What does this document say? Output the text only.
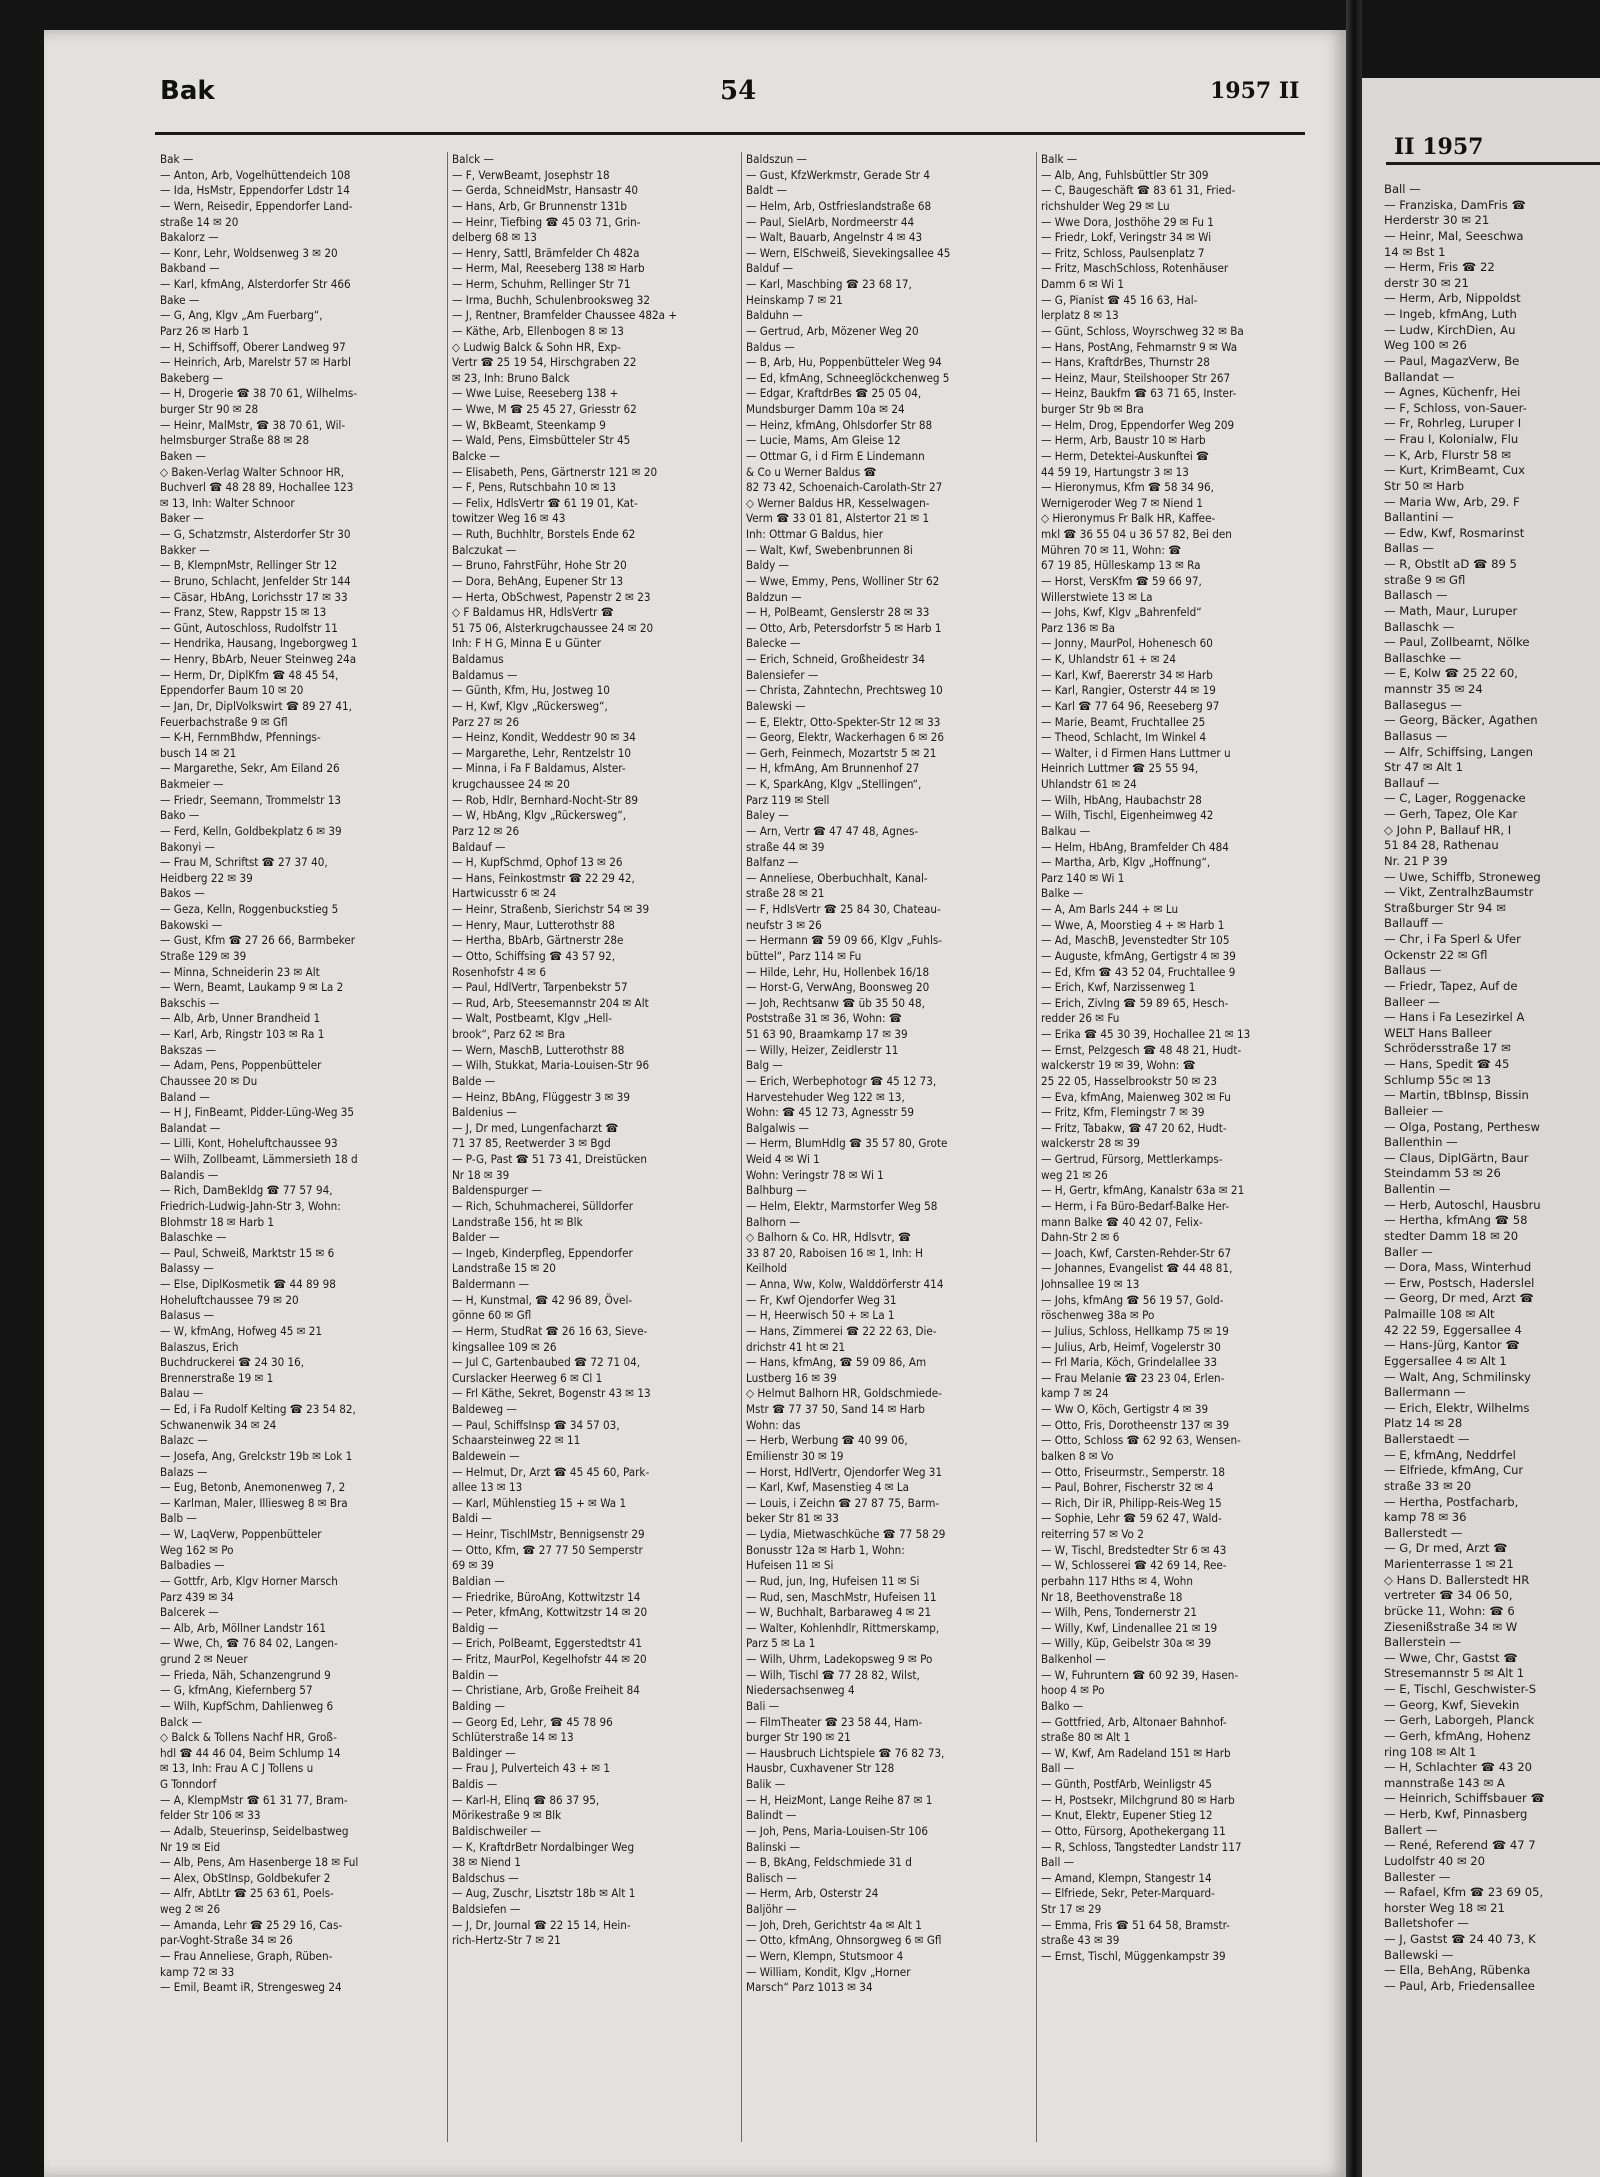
Bak	54	1957 II
Bak —
— Anton, Arb, Vogelhüttendeich 108
— Ida, HsMstr, Eppendorfer Ldstr 14
— Wern, Reisedir, Eppendorfer Land-
straße 14 ✉ 20
Bakalorz —
— Konr, Lehr, Woldsenweg 3 ✉ 20
Bakband —
— Karl, kfmAng, Alsterdorfer Str 466
Bake —
— G, Ang, Klgv „Am Fuerbarg“,
Parz 26 ✉ Harb 1
— H, Schiffsoff, Oberer Landweg 97
— Heinrich, Arb, Marelstr 57 ✉ Harbl
Bakeberg —
— H, Drogerie ☎ 38 70 61, Wilhelms-
burger Str 90 ✉ 28
— Heinr, MalMstr, ☎ 38 70 61, Wil-
helmsburger Straße 88 ✉ 28
Baken —
◇ Baken-Verlag Walter Schnoor HR,
Buchverl ☎ 48 28 89, Hochallee 123
✉ 13, Inh: Walter Schnoor
Baker —
— G, Schatzmstr, Alsterdorfer Str 30
Bakker —
— B, KlempnMstr, Rellinger Str 12
— Bruno, Schlacht, Jenfelder Str 144
— Cäsar, HbAng, Lorichsstr 17 ✉ 33
— Franz, Stew, Rappstr 15 ✉ 13
— Günt, Autoschloss, Rudolfstr 11
— Hendrika, Hausang, Ingeborgweg 1
— Henry, BbArb, Neuer Steinweg 24a
— Herm, Dr, DiplKfm ☎ 48 45 54,
Eppendorfer Baum 10 ✉ 20
— Jan, Dr, DiplVolkswirt ☎ 89 27 41,
Feuerbachstraße 9 ✉ Gfl
— K-H, FernmBhdw, Pfennings-
busch 14 ✉ 21
— Margarethe, Sekr, Am Eiland 26
Bakmeier —
— Friedr, Seemann, Trommelstr 13
Bako —
— Ferd, Kelln, Goldbekplatz 6 ✉ 39
Bakonyi —
— Frau M, Schriftst ☎ 27 37 40,
Heidberg 22 ✉ 39
Bakos —
— Geza, Kelln, Roggenbuckstieg 5
Bakowski —
— Gust, Kfm ☎ 27 26 66, Barmbeker
Straße 129 ✉ 39
— Minna, Schneiderin 23 ✉ Alt
— Wern, Beamt, Laukamp 9 ✉ La 2
Bakschis —
— Alb, Arb, Unner Brandheid 1
— Karl, Arb, Ringstr 103 ✉ Ra 1
Bakszas —
— Adam, Pens, Poppenbütteler
Chaussee 20 ✉ Du
Baland —
— H J, FinBeamt, Pidder-Lüng-Weg 35
Balandat —
— Lilli, Kont, Hoheluftchaussee 93
— Wilh, Zollbeamt, Lämmersieth 18 d
Balandis —
— Rich, DamBekldg ☎ 77 57 94,
Friedrich-Ludwig-Jahn-Str 3, Wohn:
Blohmstr 18 ✉ Harb 1
Balaschke —
— Paul, Schweiß, Marktstr 15 ✉ 6
Balassy —
— Else, DiplKosmetik ☎ 44 89 98
Hoheluftchaussee 79 ✉ 20
Balasus —
— W, kfmAng, Hofweg 45 ✉ 21
Balaszus, Erich
Buchdruckerei ☎ 24 30 16,
Brennerstraße 19 ✉ 1
Balau —
— Ed, i Fa Rudolf Kelting ☎ 23 54 82,
Schwanenwik 34 ✉ 24
Balazc —
— Josefa, Ang, Grelckstr 19b ✉ Lok 1
Balazs —
— Eug, Betonb, Anemonenweg 7, 2
— Karlman, Maler, Illiesweg 8 ✉ Bra
Balb —
— W, LaqVerw, Poppenbütteler
Weg 162 ✉ Po
Balbadies —
— Gottfr, Arb, Klgv Horner Marsch
Parz 439 ✉ 34
Balcerek —
— Alb, Arb, Möllner Landstr 161
— Wwe, Ch, ☎ 76 84 02, Langen-
grund 2 ✉ Neuer
— Frieda, Näh, Schanzengrund 9
— G, kfmAng, Kiefernberg 57
— Wilh, KupfSchm, Dahlienweg 6
Balck —
◇ Balck & Tollens Nachf HR, Groß-
hdl ☎ 44 46 04, Beim Schlump 14
✉ 13, Inh: Frau A C J Tollens u
G Tonndorf
— A, KlempMstr ☎ 61 31 77, Bram-
felder Str 106 ✉ 33
— Adalb, Steuerinsp, Seidelbastweg
Nr 19 ✉ Eid
— Alb, Pens, Am Hasenberge 18 ✉ Ful
— Alex, ObStInsp, Goldbekufer 2
— Alfr, AbtLtr ☎ 25 63 61, Poels-
weg 2 ✉ 26
— Amanda, Lehr ☎ 25 29 16, Cas-
par-Voght-Straße 34 ✉ 26
— Frau Anneliese, Graph, Rüben-
kamp 72 ✉ 33
— Emil, Beamt iR, Strengesweg 24
Balck —
— F, VerwBeamt, Josephstr 18
— Gerda, SchneidMstr, Hansastr 40
— Hans, Arb, Gr Brunnenstr 131b
— Heinr, Tiefbing ☎ 45 03 71, Grin-
delberg 68 ✉ 13
— Henry, Sattl, Brämfelder Ch 482a
— Herm, Mal, Reeseberg 138 ✉ Harb
— Herm, Schuhm, Rellinger Str 71
— Irma, Buchh, Schulenbrooksweg 32
— J, Rentner, Bramfelder Chaussee 482a +
— Käthe, Arb, Ellenbogen 8 ✉ 13
◇ Ludwig Balck & Sohn HR, Exp-
Vertr ☎ 25 19 54, Hirschgraben 22
✉ 23, Inh: Bruno Balck
— Wwe Luise, Reeseberg 138 +
— Wwe, M ☎ 25 45 27, Griesstr 62
— W, BkBeamt, Steenkamp 9
— Wald, Pens, Eimsbütteler Str 45
Balcke —
— Elisabeth, Pens, Gärtnerstr 121 ✉ 20
— F, Pens, Rutschbahn 10 ✉ 13
— Felix, HdlsVertr ☎ 61 19 01, Kat-
towitzer Weg 16 ✉ 43
— Ruth, Buchhltr, Borstels Ende 62
Balczukat —
— Bruno, FahrstFühr, Hohe Str 20
— Dora, BehAng, Eupener Str 13
— Herta, ObSchwest, Papenstr 2 ✉ 23
◇ F Baldamus HR, HdlsVertr ☎
51 75 06, Alsterkrugchaussee 24 ✉ 20
Inh: F H G, Minna E u Günter
Baldamus
Baldamus —
— Günth, Kfm, Hu, Jostweg 10
— H, Kwf, Klgv „Rückersweg“,
Parz 27 ✉ 26
— Heinz, Kondit, Weddestr 90 ✉ 34
— Margarethe, Lehr, Rentzelstr 10
— Minna, i Fa F Baldamus, Alster-
krugchaussee 24 ✉ 20
— Rob, Hdlr, Bernhard-Nocht-Str 89
— W, HbAng, Klgv „Rückersweg“,
Parz 12 ✉ 26
Baldauf —
— H, KupfSchmd, Ophof 13 ✉ 26
— Hans, Feinkostmstr ☎ 22 29 42,
Hartwicusstr 6 ✉ 24
— Heinr, Straßenb, Sierichstr 54 ✉ 39
— Henry, Maur, Lutterothstr 88
— Hertha, BbArb, Gärtnerstr 28e
— Otto, Schiffsing ☎ 43 57 92,
Rosenhofstr 4 ✉ 6
— Paul, HdlVertr, Tarpenbekstr 57
— Rud, Arb, Steesemannstr 204 ✉ Alt
— Walt, Postbeamt, Klgv „Hell-
brook“, Parz 62 ✉ Bra
— Wern, MaschB, Lutterothstr 88
— Wilh, Stukkat, Maria-Louisen-Str 96
Balde —
— Heinz, BbAng, Flüggestr 3 ✉ 39
Baldenius —
— J, Dr med, Lungenfacharzt ☎
71 37 85, Reetwerder 3 ✉ Bgd
— P-G, Past ☎ 51 73 41, Dreistücken
Nr 18 ✉ 39
Baldenspurger —
— Rich, Schuhmacherei, Sülldorfer
Landstraße 156, ht ✉ Blk
Balder —
— Ingeb, Kinderpfleg, Eppendorfer
Landstraße 15 ✉ 20
Baldermann —
— H, Kunstmal, ☎ 42 96 89, Övel-
gönne 60 ✉ Gfl
— Herm, StudRat ☎ 26 16 63, Sieve-
kingsallee 109 ✉ 26
— Jul C, Gartenbaubed ☎ 72 71 04,
Curslacker Heerweg 6 ✉ Cl 1
— Frl Käthe, Sekret, Bogenstr 43 ✉ 13
Baldeweg —
— Paul, SchiffsInsp ☎ 34 57 03,
Schaarsteinweg 22 ✉ 11
Baldewein —
— Helmut, Dr, Arzt ☎ 45 45 60, Park-
allee 13 ✉ 13
— Karl, Mühlenstieg 15 + ✉ Wa 1
Baldi —
— Heinr, TischlMstr, Bennigsenstr 29
— Otto, Kfm, ☎ 27 77 50 Semperstr
69 ✉ 39
Baldian —
— Friedrike, BüroAng, Kottwitzstr 14
— Peter, kfmAng, Kottwitzstr 14 ✉ 20
Baldig —
— Erich, PolBeamt, Eggerstedtstr 41
— Fritz, MaurPol, Kegelhofstr 44 ✉ 20
Baldin —
— Christiane, Arb, Große Freiheit 84
Balding —
— Georg Ed, Lehr, ☎ 45 78 96
Schlüterstraße 14 ✉ 13
Baldinger —
— Frau J, Pulverteich 43 + ✉ 1
Baldis —
— Karl-H, Elinq ☎ 86 37 95,
Mörikestraße 9 ✉ Blk
Baldischweiler —
— K, KraftdrBetr Nordalbinger Weg
38 ✉ Niend 1
Baldschus —
— Aug, Zuschr, Lisztstr 18b ✉ Alt 1
Baldsiefen —
— J, Dr, Journal ☎ 22 15 14, Hein-
rich-Hertz-Str 7 ✉ 21
Baldszun —
— Gust, KfzWerkmstr, Gerade Str 4
Baldt —
— Helm, Arb, Ostfrieslandstraße 68
— Paul, SielArb, Nordmeerstr 44
— Walt, Bauarb, Angelnstr 4 ✉ 43
— Wern, ElSchweiß, Sievekingsallee 45
Balduf —
— Karl, Maschbing ☎ 23 68 17,
Heinskamp 7 ✉ 21
Balduhn —
— Gertrud, Arb, Mözener Weg 20
Baldus —
— B, Arb, Hu, Poppenbütteler Weg 94
— Ed, kfmAng, Schneeglöckchenweg 5
— Edgar, KraftdrBes ☎ 25 05 04,
Mundsburger Damm 10a ✉ 24
— Heinz, kfmAng, Ohlsdorfer Str 88
— Lucie, Mams, Am Gleise 12
— Ottmar G, i d Firm E Lindemann
& Co u Werner Baldus ☎
82 73 42, Schoenaich-Carolath-Str 27
◇ Werner Baldus HR, Kesselwagen-
Verm ☎ 33 01 81, Alstertor 21 ✉ 1
Inh: Ottmar G Baldus, hier
— Walt, Kwf, Swebenbrunnen 8i
Baldy —
— Wwe, Emmy, Pens, Wolliner Str 62
Baldzun —
— H, PolBeamt, Genslerstr 28 ✉ 33
— Otto, Arb, Petersdorfstr 5 ✉ Harb 1
Balecke —
— Erich, Schneid, Großheidestr 34
Balensiefer —
— Christa, Zahntechn, Prechtsweg 10
Balewski —
— E, Elektr, Otto-Spekter-Str 12 ✉ 33
— Georg, Elektr, Wackerhagen 6 ✉ 26
— Gerh, Feinmech, Mozartstr 5 ✉ 21
— H, kfmAng, Am Brunnenhof 27
— K, SparkAng, Klgv „Stellingen“,
Parz 119 ✉ Stell
Baley —
— Arn, Vertr ☎ 47 47 48, Agnes-
straße 44 ✉ 39
Balfanz —
— Anneliese, Oberbuchhalt, Kanal-
straße 28 ✉ 21
— F, HdlsVertr ☎ 25 84 30, Chateau-
neufstr 3 ✉ 26
— Hermann ☎ 59 09 66, Klgv „Fuhls-
büttel“, Parz 114 ✉ Fu
— Hilde, Lehr, Hu, Hollenbek 16/18
— Horst-G, VerwAng, Boonsweg 20
— Joh, Rechtsanw ☎ üb 35 50 48,
Poststraße 31 ✉ 36, Wohn: ☎
51 63 90, Braamkamp 17 ✉ 39
— Willy, Heizer, Zeidlerstr 11
Balg —
— Erich, Werbephotogr ☎ 45 12 73,
Harvestehuder Weg 122 ✉ 13,
Wohn: ☎ 45 12 73, Agnesstr 59
Balgalwis —
— Herm, BlumHdlg ☎ 35 57 80, Grote
Weid 4 ✉ Wi 1
Wohn: Veringstr 78 ✉ Wi 1
Balhburg —
— Helm, Elektr, Marmstorfer Weg 58
Balhorn —
◇ Balhorn & Co. HR, Hdlsvtr, ☎
33 87 20, Raboisen 16 ✉ 1, Inh: H
Keilhold
— Anna, Ww, Kolw, Walddörferstr 414
— Fr, Kwf Ojendorfer Weg 31
— H, Heerwisch 50 + ✉ La 1
— Hans, Zimmerei ☎ 22 22 63, Die-
drichstr 41 ht ✉ 21
— Hans, kfmAng, ☎ 59 09 86, Am
Lustberg 16 ✉ 39
◇ Helmut Balhorn HR, Goldschmiede-
Mstr ☎ 77 37 50, Sand 14 ✉ Harb
Wohn: das
— Herb, Werbung ☎ 40 99 06,
Emilienstr 30 ✉ 19
— Horst, HdlVertr, Ojendorfer Weg 31
— Karl, Kwf, Masenstieg 4 ✉ La
— Louis, i Zeichn ☎ 27 87 75, Barm-
beker Str 81 ✉ 33
— Lydia, Mietwaschküche ☎ 77 58 29
Bonusstr 12a ✉ Harb 1, Wohn:
Hufeisen 11 ✉ Si
— Rud, jun, Ing, Hufeisen 11 ✉ Si
— Rud, sen, MaschMstr, Hufeisen 11
— W, Buchhalt, Barbaraweg 4 ✉ 21
— Walter, Kohlenhdlr, Rittmerskamp,
Parz 5 ✉ La 1
— Wilh, Uhrm, Ladekopsweg 9 ✉ Po
— Wilh, Tischl ☎ 77 28 82, Wilst,
Niedersachsenweg 4
Bali —
— FilmTheater ☎ 23 58 44, Ham-
burger Str 190 ✉ 21
— Hausbruch Lichtspiele ☎ 76 82 73,
Hausbr, Cuxhavener Str 128
Balik —
— H, HeizMont, Lange Reihe 87 ✉ 1
Balindt —
— Joh, Pens, Maria-Louisen-Str 106
Balinski —
— B, BkAng, Feldschmiede 31 d
Balisch —
— Herm, Arb, Osterstr 24
Baljöhr —
— Joh, Dreh, Gerichtstr 4a ✉ Alt 1
— Otto, kfmAng, Ohnsorgweg 6 ✉ Gfl
— Wern, Klempn, Stutsmoor 4
— William, Kondit, Klgv „Horner
Marsch“ Parz 1013 ✉ 34
Balk —
— Alb, Ang, Fuhlsbüttler Str 309
— C, Baugeschäft ☎ 83 61 31, Fried-
richshulder Weg 29 ✉ Lu
— Wwe Dora, Josthöhe 29 ✉ Fu 1
— Friedr, Lokf, Veringstr 34 ✉ Wi
— Fritz, Schloss, Paulsenplatz 7
— Fritz, MaschSchloss, Rotenhäuser
Damm 6 ✉ Wi 1
— G, Pianist ☎ 45 16 63, Hal-
lerplatz 8 ✉ 13
— Günt, Schloss, Woyrschweg 32 ✉ Ba
— Hans, PostAng, Fehmarnstr 9 ✉ Wa
— Hans, KraftdrBes, Thurnstr 28
— Heinz, Maur, Steilshooper Str 267
— Heinz, Baukfm ☎ 63 71 65, Inster-
burger Str 9b ✉ Bra
— Helm, Drog, Eppendorfer Weg 209
— Herm, Arb, Baustr 10 ✉ Harb
— Herm, Detektei-Auskunftei ☎
44 59 19, Hartungstr 3 ✉ 13
— Hieronymus, Kfm ☎ 58 34 96,
Wernigeroder Weg 7 ✉ Niend 1
◇ Hieronymus Fr Balk HR, Kaffee-
mkl ☎ 36 55 04 u 36 57 82, Bei den
Mühren 70 ✉ 11, Wohn: ☎
67 19 85, Hülleskamp 13 ✉ Ra
— Horst, VersKfm ☎ 59 66 97,
Willerstwiete 13 ✉ La
— Johs, Kwf, Klgv „Bahrenfeld“
Parz 136 ✉ Ba
— Jonny, MaurPol, Hohenesch 60
— K, Uhlandstr 61 + ✉ 24
— Karl, Kwf, Baererstr 34 ✉ Harb
— Karl, Rangier, Osterstr 44 ✉ 19
— Karl ☎ 77 64 96, Reeseberg 97
— Marie, Beamt, Fruchtallee 25
— Theod, Schlacht, Im Winkel 4
— Walter, i d Firmen Hans Luttmer u
Heinrich Luttmer ☎ 25 55 94,
Uhlandstr 61 ✉ 24
— Wilh, HbAng, Haubachstr 28
— Wilh, Tischl, Eigenheimweg 42
Balkau —
— Helm, HbAng, Bramfelder Ch 484
— Martha, Arb, Klgv „Hoffnung“,
Parz 140 ✉ Wi 1
Balke —
— A, Am Barls 244 + ✉ Lu
— Wwe, A, Moorstieg 4 + ✉ Harb 1
— Ad, MaschB, Jevenstedter Str 105
— Auguste, kfmAng, Gertigstr 4 ✉ 39
— Ed, Kfm ☎ 43 52 04, Fruchtallee 9
— Erich, Kwf, Narzissenweg 1
— Erich, Zivlng ☎ 59 89 65, Hesch-
redder 26 ✉ Fu
— Erika ☎ 45 30 39, Hochallee 21 ✉ 13
— Ernst, Pelzgesch ☎ 48 48 21, Hudt-
walckerstr 19 ✉ 39, Wohn: ☎
25 22 05, Hasselbrookstr 50 ✉ 23
— Eva, kfmAng, Maienweg 302 ✉ Fu
— Fritz, Kfm, Flemingstr 7 ✉ 39
— Fritz, Tabakw, ☎ 47 20 62, Hudt-
walckerstr 28 ✉ 39
— Gertrud, Fürsorg, Mettlerkamps-
weg 21 ✉ 26
— H, Gertr, kfmAng, Kanalstr 63a ✉ 21
— Herm, i Fa Büro-Bedarf-Balke Her-
mann Balke ☎ 40 42 07, Felix-
Dahn-Str 2 ✉ 6
— Joach, Kwf, Carsten-Rehder-Str 67
— Johannes, Evangelist ☎ 44 48 81,
Johnsallee 19 ✉ 13
— Johs, kfmAng ☎ 56 19 57, Gold-
röschenweg 38a ✉ Po
— Julius, Schloss, Hellkamp 75 ✉ 19
— Julius, Arb, Heimf, Vogelerstr 30
— Frl Maria, Köch, Grindelallee 33
— Frau Melanie ☎ 23 23 04, Erlen-
kamp 7 ✉ 24
— Ww O, Köch, Gertigstr 4 ✉ 39
— Otto, Fris, Dorotheenstr 137 ✉ 39
— Otto, Schloss ☎ 62 92 63, Wensen-
balken 8 ✉ Vo
— Otto, Friseurmstr., Semperstr. 18
— Paul, Bohrer, Fischerstr 32 ✉ 4
— Rich, Dir iR, Philipp-Reis-Weg 15
— Sophie, Lehr ☎ 59 62 47, Wald-
reiterring 57 ✉ Vo 2
— W, Tischl, Bredstedter Str 6 ✉ 43
— W, Schlosserei ☎ 42 69 14, Ree-
perbahn 117 Hths ✉ 4, Wohn
Nr 18, Beethovenstraße 18
— Wilh, Pens, Tondernerstr 21
— Willy, Kwf, Lindenallee 21 ✉ 19
— Willy, Küp, Geibelstr 30a ✉ 39
Balkenhol —
— W, Fuhruntern ☎ 60 92 39, Hasen-
hoop 4 ✉ Po
Balko —
— Gottfried, Arb, Altonaer Bahnhof-
straße 80 ✉ Alt 1
— W, Kwf, Am Radeland 151 ✉ Harb
Ball —
— Günth, PostfArb, Weinligstr 45
— H, Postsekr, Milchgrund 80 ✉ Harb
— Knut, Elektr, Eupener Stieg 12
— Otto, Fürsorg, Apothekergang 11
— R, Schloss, Tangstedter Landstr 117
Ball —
— Amand, Klempn, Stangestr 14
— Elfriede, Sekr, Peter-Marquard-
Str 17 ✉ 29
— Emma, Fris ☎ 51 64 58, Bramstr-
straße 43 ✉ 39
— Ernst, Tischl, Müggenkampstr 39
II 1957
Ball —
— Franziska, DamFris ☎
Herderstr 30 ✉ 21
— Heinr, Mal, Seeschwa
14 ✉ Bst 1
— Herm, Fris ☎ 22
derstr 30 ✉ 21
— Herm, Arb, Nippoldst
— Ingeb, kfmAng, Luth
— Ludw, KirchDien, Au
Weg 100 ✉ 26
— Paul, MagazVerw, Be
Ballandat —
— Agnes, Küchenfr, Hei
— F, Schloss, von-Sauer-
— Fr, Rohrleg, Luruper I
— Frau I, Kolonialw, Flu
— K, Arb, Flurstr 58 ✉
— Kurt, KrimBeamt, Cux
Str 50 ✉ Harb
— Maria Ww, Arb, 29. F
Ballantini —
— Edw, Kwf, Rosmarinst
Ballas —
— R, Obstlt aD ☎ 89 5
straße 9 ✉ Gfl
Ballasch —
— Math, Maur, Luruper
Ballaschk —
— Paul, Zollbeamt, Nölke
Ballaschke —
— E, Kolw ☎ 25 22 60,
mannstr 35 ✉ 24
Ballasegus —
— Georg, Bäcker, Agathen
Ballasus —
— Alfr, Schiffsing, Langen
Str 47 ✉ Alt 1
Ballauf —
— C, Lager, Roggenacke
— Gerh, Tapez, Ole Kar
◇ John P, Ballauf HR, I
51 84 28, Rathenau
Nr. 21 P 39
— Uwe, Schiffb, Stroneweg
— Vikt, ZentralhzBaumstr
Straßburger Str 94 ✉
Ballauff —
— Chr, i Fa Sperl & Ufer
Ockenstr 22 ✉ Gfl
Ballaus —
— Friedr, Tapez, Auf de
Balleer —
— Hans i Fa Lesezirkel A
WELT Hans Balleer
Schrödersstraße 17 ✉
— Hans, Spedit ☎ 45
Schlump 55c ✉ 13
— Martin, tBbInsp, Bissin
Balleier —
— Olga, Postang, Perthesw
Ballenthin —
— Claus, DiplGärtn, Baur
Steindamm 53 ✉ 26
Ballentin —
— Herb, Autoschl, Hausbru
— Hertha, kfmAng ☎ 58
stedter Damm 18 ✉ 20
Baller —
— Dora, Mass, Winterhud
— Erw, Postsch, Haderslel
— Georg, Dr med, Arzt ☎
Palmaille 108 ✉ Alt
42 22 59, Eggersallee 4
— Hans-Jürg, Kantor ☎
Eggersallee 4 ✉ Alt 1
— Walt, Ang, Schmilinsky
Ballermann —
— Erich, Elektr, Wilhelms
Platz 14 ✉ 28
Ballerstaedt —
— E, kfmAng, Neddrfel
— Elfriede, kfmAng, Cur
straße 33 ✉ 20
— Hertha, Postfacharb,
kamp 78 ✉ 36
Ballerstedt —
— G, Dr med, Arzt ☎
Marienterrasse 1 ✉ 21
◇ Hans D. Ballerstedt HR
vertreter ☎ 34 06 50,
brücke 11, Wohn: ☎ 6
Ziesenißstraße 34 ✉ W
Ballerstein —
— Wwe, Chr, Gastst ☎
Stresemannstr 5 ✉ Alt 1
— E, Tischl, Geschwister-S
— Georg, Kwf, Sievekin
— Gerh, Laborgeh, Planck
— Gerh, kfmAng, Hohenz
ring 108 ✉ Alt 1
— H, Schlachter ☎ 43 20
mannstraße 143 ✉ A
— Heinrich, Schiffsbauer ☎
— Herb, Kwf, Pinnasberg
Ballert —
— René, Referend ☎ 47 7
Ludolfstr 40 ✉ 20
Ballester —
— Rafael, Kfm ☎ 23 69 05,
horster Weg 18 ✉ 21
Balletshofer —
— J, Gastst ☎ 24 40 73, K
Ballewski —
— Ella, BehAng, Rübenka
— Paul, Arb, Friedensallee
